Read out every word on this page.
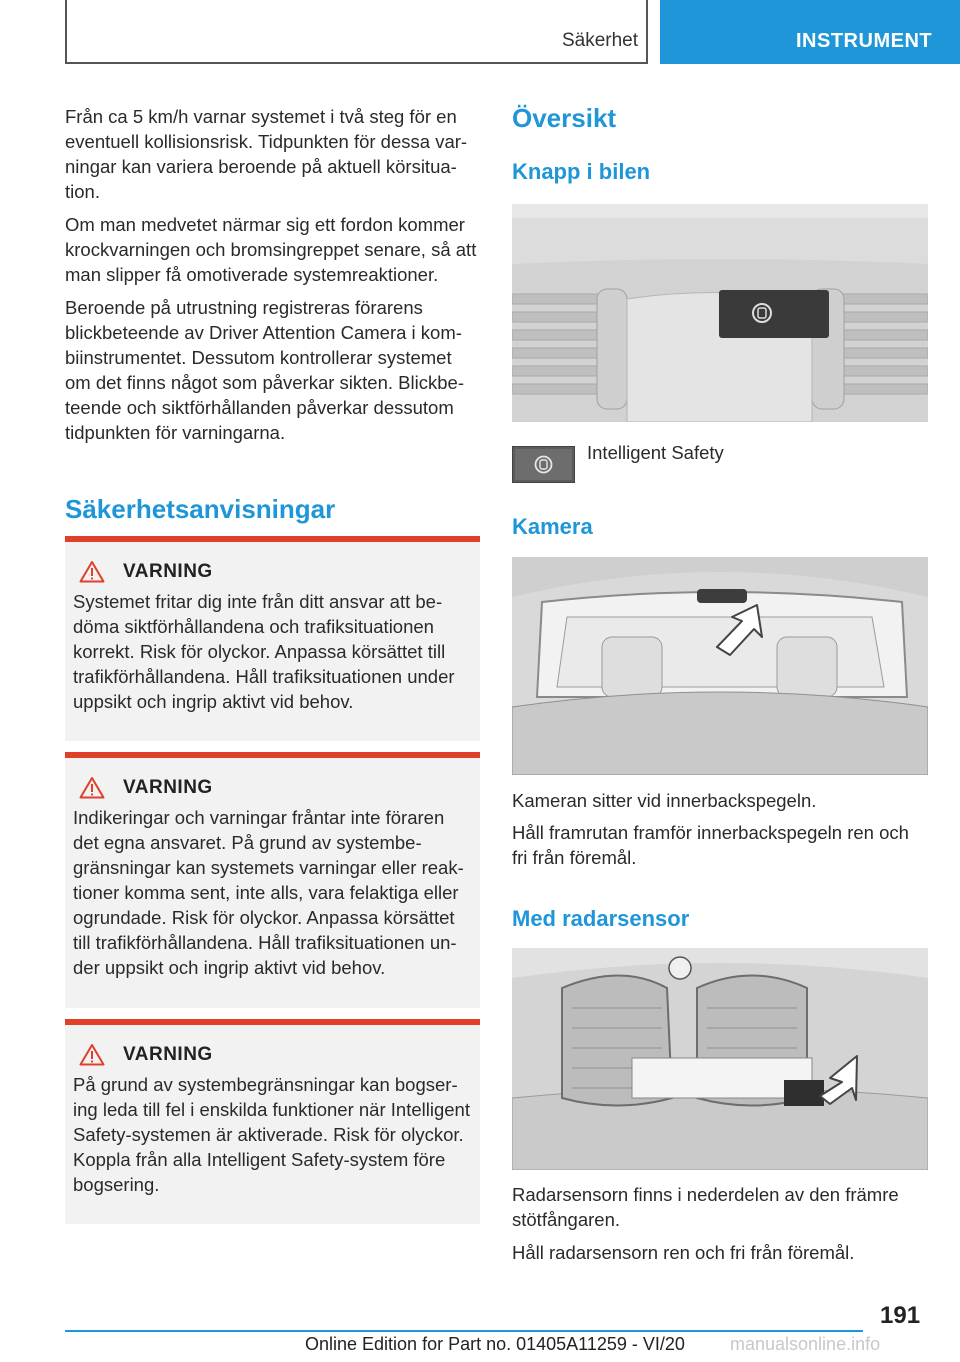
Säkerhet	INSTRUMENT

Från ca 5 km/h varnar systemet i två steg för en eventuell kollisionsrisk. Tidpunkten för dessa varningar kan variera beroende på aktuell körsituation.

Om man medvetet närmar sig ett fordon kommer krockvarningen och bromsingreppet senare, så att man slipper få omotiverade systemreaktioner.

Beroende på utrustning registreras förarens blickbeteende av Driver Attention Camera i kombiinstrumentet. Dessutom kontrollerar systemet om det finns något som påverkar sikten. Blickbeteende och siktförhållanden påverkar dessutom tidpunkten för varningarna.

Säkerhetsanvisningar
VARNING

Systemet fritar dig inte från ditt ansvar att bedöma siktförhållandena och trafiksituationen korrekt. Risk för olyckor. Anpassa körsättet till trafikförhållandena. Håll trafiksituationen under uppsikt och ingrip aktivt vid behov.

VARNING

Indikeringar och varningar fråntar inte föraren det egna ansvaret. På grund av systembegränsningar kan systemets varningar eller reaktioner komma sent, inte alls, vara felaktiga eller ogrundade. Risk för olyckor. Anpassa körsättet till trafikförhållandena. Håll trafiksituationen under uppsikt och ingrip aktivt vid behov.

VARNING

På grund av systembegränsningar kan bogsering leda till fel i enskilda funktioner när Intelligent Safety-systemen är aktiverade. Risk för olyckor. Koppla från alla Intelligent Safety-system före bogsering.

Översikt
Knapp i bilen

Intelligent Safety

Kamera

Kameran sitter vid innerbackspegeln.

Håll framrutan framför innerbackspegeln ren och fri från föremål.

Med radarsensor

Radarsensorn finns i nederdelen av den främre stötfångaren.

Håll radarsensorn ren och fri från föremål.

191
Online Edition for Part no. 01405A11259 - VI/20	manualsonline.info
